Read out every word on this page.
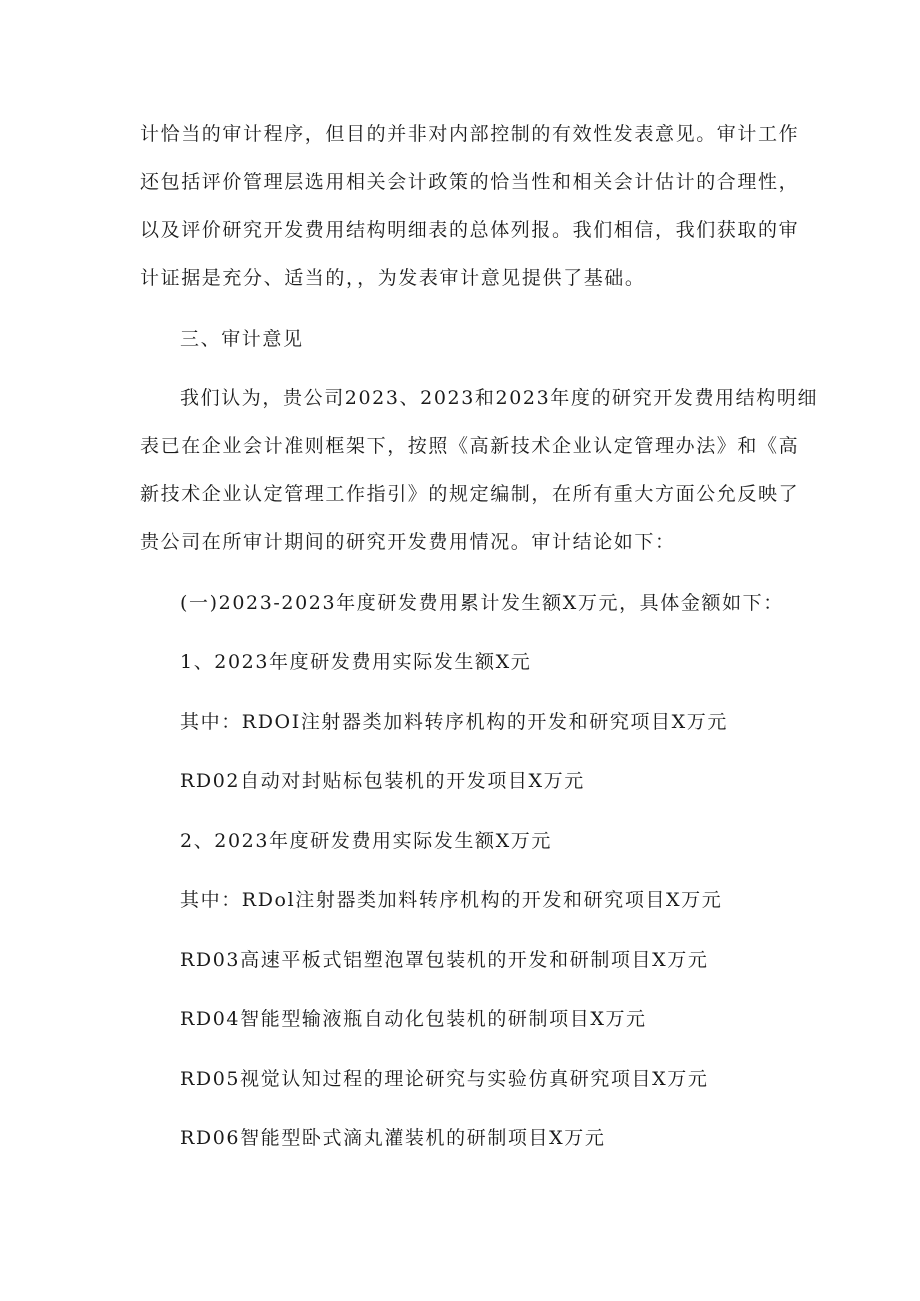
计恰当的审计程序，但目的并非对内部控制的有效性发表意见。审计工作
还包括评价管理层选用相关会计政策的恰当性和相关会计估计的合理性，
以及评价研究开发费用结构明细表的总体列报。我们相信，我们获取的审
计证据是充分、适当的，，为发表审计意见提供了基础。

三、审计意见

我们认为，贵公司2023、2023和2023年度的研究开发费用结构明细
表已在企业会计准则框架下，按照《高新技术企业认定管理办法》和《高
新技术企业认定管理工作指引》的规定编制，在所有重大方面公允反映了
贵公司在所审计期间的研究开发费用情况。审计结论如下：

(一)2023-2023年度研发费用累计发生额X万元，具体金额如下：

1、2023年度研发费用实际发生额X元

其中：RDOI注射器类加料转序机构的开发和研究项目X万元

RD02自动对封贴标包装机的开发项目X万元

2、2023年度研发费用实际发生额X万元

其中：RDol注射器类加料转序机构的开发和研究项目X万元

RD03高速平板式铝塑泡罩包装机的开发和研制项目X万元

RD04智能型输液瓶自动化包装机的研制项目X万元

RD05视觉认知过程的理论研究与实验仿真研究项目X万元

RD06智能型卧式滴丸灌装机的研制项目X万元
